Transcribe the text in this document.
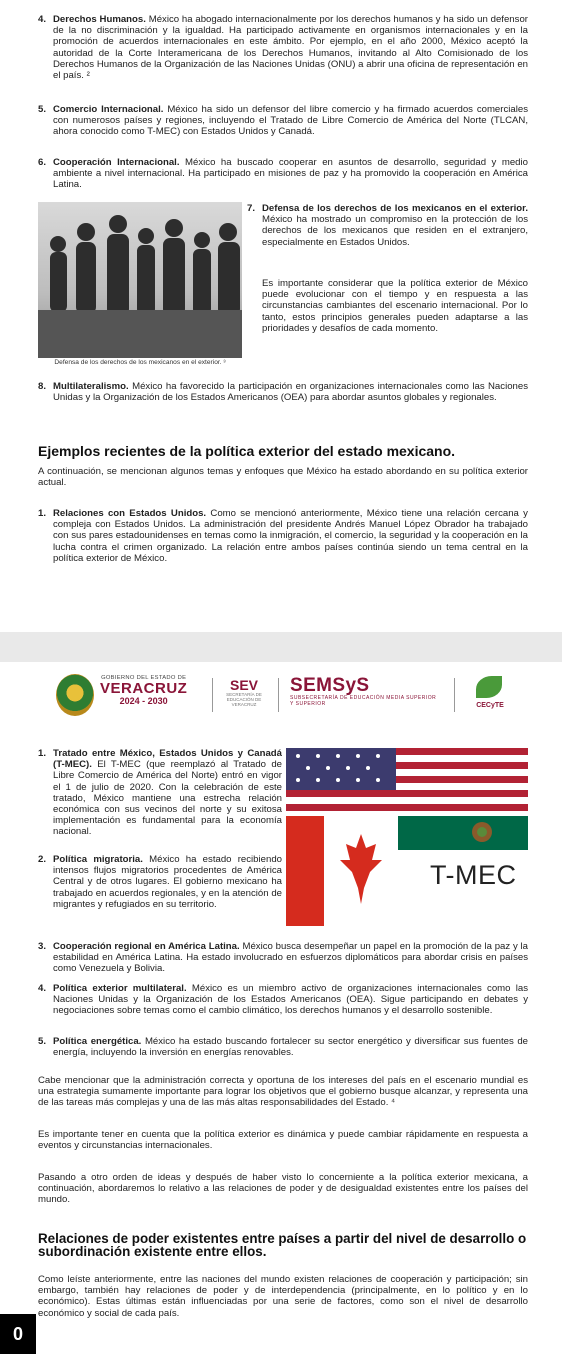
4. Derechos Humanos. México ha abogado internacionalmente por los derechos humanos y ha sido un defensor de la no discriminación y la igualdad. Ha participado activamente en organismos internacionales y en la promoción de acuerdos internacionales en este ámbito. Por ejemplo, en el año 2000, México aceptó la autoridad de la Corte Interamericana de los Derechos Humanos, invitando al Alto Comisionado de los Derechos Humanos de la Organización de las Naciones Unidas (ONU) a abrir una oficina de representación en el país. ²

5. Comercio Internacional. México ha sido un defensor del libre comercio y ha firmado acuerdos comerciales con numerosos países y regiones, incluyendo el Tratado de Libre Comercio de América del Norte (TLCAN, ahora conocido como T-MEC) con Estados Unidos y Canadá.

6. Cooperación Internacional. México ha buscado cooperar en asuntos de desarrollo, seguridad y medio ambiente a nivel internacional. Ha participado en misiones de paz y ha promovido la cooperación en América Latina.

Defensa de los derechos de los mexicanos en el exterior. ³
7. Defensa de los derechos de los mexicanos en el exterior. México ha mostrado un compromiso en la protección de los derechos de los mexicanos que residen en el extranjero, especialmente en Estados Unidos.

Es importante considerar que la política exterior de México puede evolucionar con el tiempo y en respuesta a las circunstancias cambiantes del escenario internacional. Por lo tanto, estos principios generales pueden adaptarse a las prioridades y desafíos de cada momento.

8. Multilateralismo. México ha favorecido la participación en organizaciones internacionales como las Naciones Unidas y la Organización de los Estados Americanos (OEA) para abordar asuntos globales y regionales.

Ejemplos recientes de la política exterior del estado mexicano.

A continuación, se mencionan algunos temas y enfoques que México ha estado abordando en su política exterior actual.

1. Relaciones con Estados Unidos. Como se mencionó anteriormente, México tiene una relación cercana y compleja con Estados Unidos. La administración del presidente Andrés Manuel López Obrador ha trabajado con sus pares estadounidenses en temas como la inmigración, el comercio, la seguridad y la cooperación en la lucha contra el crimen organizado. La relación entre ambos países continúa siendo un tema central en la política exterior de México.

GOBIERNO DEL ESTADO DE
VERACRUZ
2024 - 2030
SEV
SECRETARÍA DE EDUCACIÓN DE VERACRUZ
SEMSyS
SUBSECRETARÍA DE EDUCACIÓN MEDIA SUPERIOR Y SUPERIOR	CECyTE
1. Tratado entre México, Estados Unidos y Canadá (T-MEC). El T-MEC (que reemplazó al Tratado de Libre Comercio de América del Norte) entró en vigor el 1 de julio de 2020. Con la celebración de este tratado, México mantiene una estrecha relación económica con sus vecinos del norte y su exitosa implementación es fundamental para la economía nacional.

2. Política migratoria. México ha estado recibiendo intensos flujos migratorios procedentes de América Central y de otros lugares. El gobierno mexicano ha trabajado en acuerdos regionales, y en la atención de migrantes y refugiados en su territorio.

T-MEC
3. Cooperación regional en América Latina. México busca desempeñar un papel en la promoción de la paz y la estabilidad en América Latina. Ha estado involucrado en esfuerzos diplomáticos para abordar crisis en países como Venezuela y Bolivia.

4. Política exterior multilateral. México es un miembro activo de organizaciones internacionales como las Naciones Unidas y la Organización de los Estados Americanos (OEA). Sigue participando en debates y negociaciones sobre temas como el cambio climático, los derechos humanos y el desarrollo sostenible.

5. Política energética. México ha estado buscando fortalecer su sector energético y diversificar sus fuentes de energía, incluyendo la inversión en energías renovables.

Cabe mencionar que la administración correcta y oportuna de los intereses del país en el escenario mundial es una estrategia sumamente importante para lograr los objetivos que el gobierno busque alcanzar, y representa una de las tareas más complejas y una de las más altas responsabilidades del Estado. ⁴

Es importante tener en cuenta que la política exterior es dinámica y puede cambiar rápidamente en respuesta a eventos y circunstancias internacionales.

Pasando a otro orden de ideas y después de haber visto lo concerniente a la política exterior mexicana, a continuación, abordaremos lo relativo a las relaciones de poder y de desigualdad existentes entre los países del mundo.

Relaciones de poder existentes entre países a partir del nivel de desarrollo o subordinación existente entre ellos.

Como leíste anteriormente, entre las naciones del mundo existen relaciones de cooperación y participación; sin embargo, también hay relaciones de poder y de interdependencia (principalmente, en lo político y en lo económico). Estas últimas están influenciadas por una serie de factores, como son el nivel de desarrollo económico y social de cada país.

0
